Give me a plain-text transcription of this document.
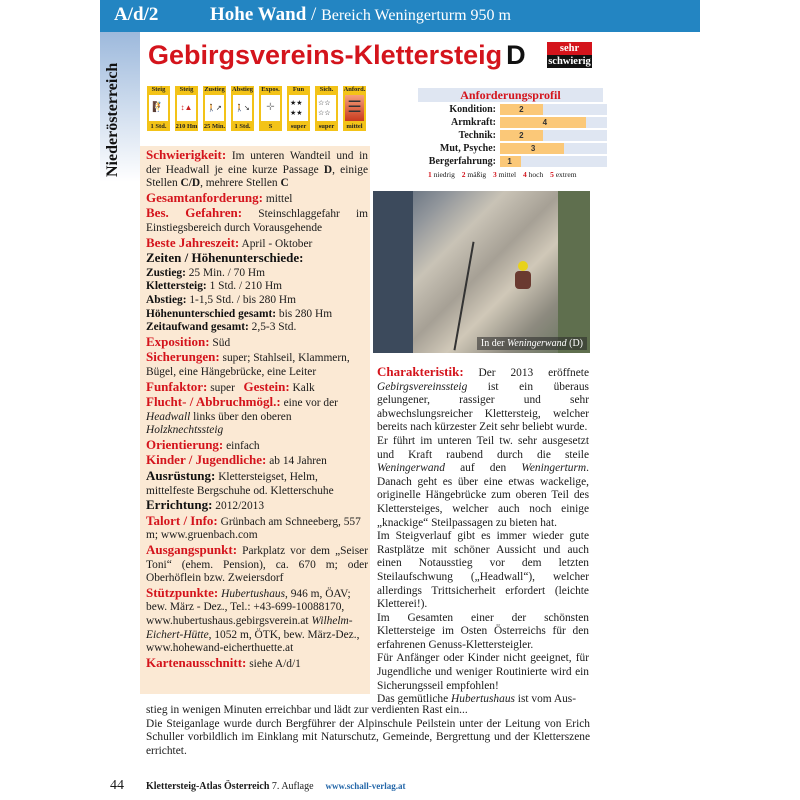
A/d/2	Hohe Wand / Bereich Weningerturm 950 m
Niederösterreich
Gebirgsvereins-Klettersteig D	sehr
schwierig
Steig
🧗
1 Std.
Steig
↕▲
210 Hm
Zustieg
🚶↗
25 Min.
Abstieg
🚶↘
1 Std.
Expos.
✛
S
Fun
★★★★
super
Sich.
☆☆☆☆
super
Anford.
☰
mittel
Anforderungsprofil
Kondition:	2
Armkraft:	4
Technik:	2
Mut, Psyche:	3
Bergerfahrung:	1
1 niedrig 2 mäßig 3 mittel 4 hoch 5 extrem

Schwierigkeit: Im unteren Wandteil und in der Headwall je eine kurze Passage D, einige Stellen C/D, mehrere Stellen C

Gesamtanforderung: mittel

Bes. Gefahren: Steinschlaggefahr im Einstiegsbereich durch Vorausgehende

Beste Jahreszeit: April - Oktober

Zeiten / Höhenunterschiede:

Zustieg: 25 Min. / 70 Hm

Klettersteig: 1 Std. / 210 Hm

Abstieg: 1-1,5 Std. / bis 280 Hm

Höhenunterschied gesamt: bis 280 Hm

Zeitaufwand gesamt: 2,5-3 Std.

Exposition: Süd

Sicherungen: super; Stahlseil, Klammern, Bügel, eine Hängebrücke, eine Leiter

Funfaktor: super Gestein: Kalk

Flucht- / Abbruchmögl.: eine vor der Headwall links über den oberen Holzknechtssteig

Orientierung: einfach

Kinder / Jugendliche: ab 14 Jahren

Ausrüstung: Klettersteigset, Helm, mittelfeste Bergschuhe od. Kletterschuhe

Errichtung: 2012/2013

Talort / Info: Grünbach am Schneeberg, 557 m; www.gruenbach.com

Ausgangspunkt: Parkplatz vor dem „Seiser Toni“ (ehem. Pension), ca. 670 m; oder Oberhöflein bzw. Zweiersdorf

Stützpunkte: Hubertushaus, 946 m, ÖAV; bew. März - Dez., Tel.: +43-699-10088170, www.hubertushaus.gebirgsverein.at Wilhelm-Eichert-Hütte, 1052 m, ÖTK, bew. März-Dez., www.hohewand-eicherthuette.at

Kartenausschnitt: siehe A/d/1

In der Weningerwand (D)

Charakteristik: Der 2013 eröffnete Gebirgsvereinssteig ist ein überaus gelungener, rassiger und sehr abwechslungsreicher Klettersteig, welcher bereits nach kürzester Zeit sehr beliebt wurde.

Er führt im unteren Teil tw. sehr ausgesetzt und Kraft raubend durch die steile Weningerwand auf den Weningerturm. Danach geht es über eine etwas wackelige, originelle Hängebrücke zum oberen Teil des Klettersteiges, welcher auch noch einige „knackige“ Steilpassagen zu bieten hat.

Im Steigverlauf gibt es immer wieder gute Rastplätze mit schöner Aussicht und auch einen Notausstieg vor dem letzten Steilaufschwung („Headwall“), welcher allerdings Trittsicherheit erfordert (leichte Kletterei!).

Im Gesamten einer der schönsten Klettersteige im Osten Österreichs für den erfahrenen Genuss-Klettersteigler.

Für Anfänger oder Kinder nicht geeignet, für Jugendliche und weniger Routinierte wird ein Sicherungsseil empfohlen!

Das gemütliche Hubertushaus ist vom Aus-

stieg in wenigen Minuten erreichbar und lädt zur verdienten Rast ein...

Die Steiganlage wurde durch Bergführer der Alpinschule Peilstein unter der Leitung von Erich Schuller vorbildlich im Einklang mit Naturschutz, Gemeinde, Bergrettung und der Kletterszene errichtet.

44 Klettersteig-Atlas Österreich 7. Auflage www.schall-verlag.at
